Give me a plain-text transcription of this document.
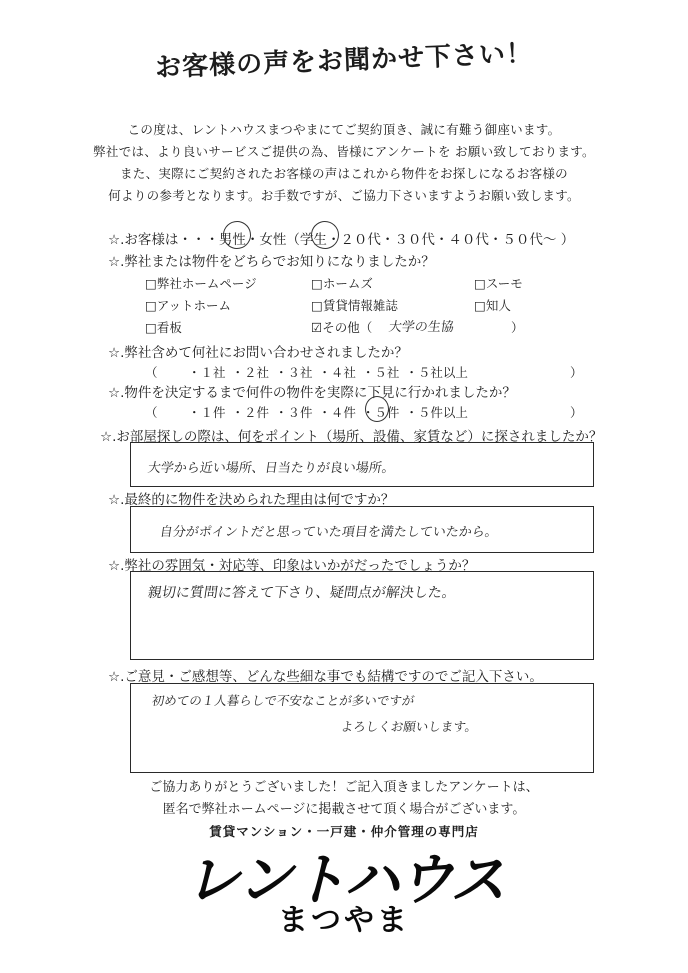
お客様の声をお聞かせ下さい！
この度は、レントハウスまつやまにてご契約頂き、誠に有難う御座います。
弊社では、より良いサービスご提供の為、皆様にアンケートを お願い致しております。
また、実際にご契約されたお客様の声はこれから物件をお探しになるお客様の
何よりの参考となります。お手数ですが、ご協力下さいますようお願い致します。
☆.お客様は・・・男性・女性（学生・２０代・３０代・４０代・５０代～ ）
☆.弊社または物件をどちらでお知りになりましたか？
□ 弊社ホームページ	□ ホームズ	□ スーモ
□ アットホーム	□ 賃貸情報雑誌	□ 知人
□ 看板	☑その他（ 大学の生協	）
☆.弊社含めて何社にお問い合わせされましたか？
（ ・１社 ・２社 ・３社 ・４社 ・５社 ・５社以上	）
☆.物件を決定するまで何件の物件を実際に下見に行かれましたか？
（ ・１件 ・２件 ・３件 ・４件 ・５件 ・５件以上	）
☆.お部屋探しの際は、何をポイント（場所、設備、家賃など）に探されましたか？
大学から近い場所、日当たりが良い場所。
☆.最終的に物件を決められた理由は何ですか？
自分がポイントだと思っていた項目を満たしていたから。
☆.弊社の雰囲気・対応等、印象はいかがだったでしょうか？
親切に質問に答えて下さり、疑問点が解決した。
☆.ご意見・ご感想等、どんな些細な事でも結構ですのでご記入下さい。
初めての１人暮らしで不安なことが多いですが
よろしくお願いします。
ご協力ありがとうございました！ご記入頂きましたアンケートは、
匿名で弊社ホームページに掲載させて頂く場合がございます。
賃貸マンション・一戸建・仲介管理の専門店
レントハウス
まつやま
